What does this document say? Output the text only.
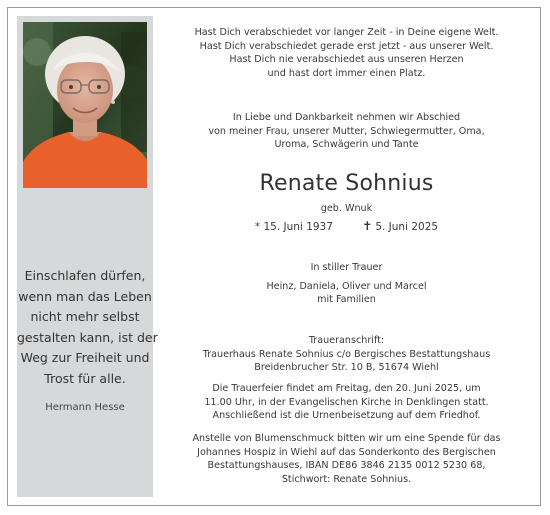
Einschlafen dürfen,
wenn man das Leben
nicht mehr selbst
gestalten kann, ist der
Weg zur Freiheit und
Trost für alle.
Hermann Hesse
Hast Dich verabschiedet vor langer Zeit - in Deine eigene Welt.
Hast Dich verabschiedet gerade erst jetzt - aus unserer Welt.
Hast Dich nie verabschiedet aus unseren Herzen
und hast dort immer einen Platz.
In Liebe und Dankbarkeit nehmen wir Abschied
von meiner Frau, unserer Mutter, Schwiegermutter, Oma,
Uroma, Schwägerin und Tante
Renate Sohnius
geb. Wnuk
* 15. Juni 1937 ✝ 5. Juni 2025
In stiller Trauer
Heinz, Daniela, Oliver und Marcel
mit Familien
Traueranschrift:
Trauerhaus Renate Sohnius c/o Bergisches Bestattungshaus
Breidenbrucher Str. 10 B, 51674 Wiehl
Die Trauerfeier findet am Freitag, den 20. Juni 2025, um
11.00 Uhr, in der Evangelischen Kirche in Denklingen statt.
Anschließend ist die Urnenbeisetzung auf dem Friedhof.
Anstelle von Blumenschmuck bitten wir um eine Spende für das
Johannes Hospiz in Wiehl auf das Sonderkonto des Bergischen
Bestattungshauses, IBAN DE86 3846 2135 0012 5230 68,
Stichwort: Renate Sohnius.
